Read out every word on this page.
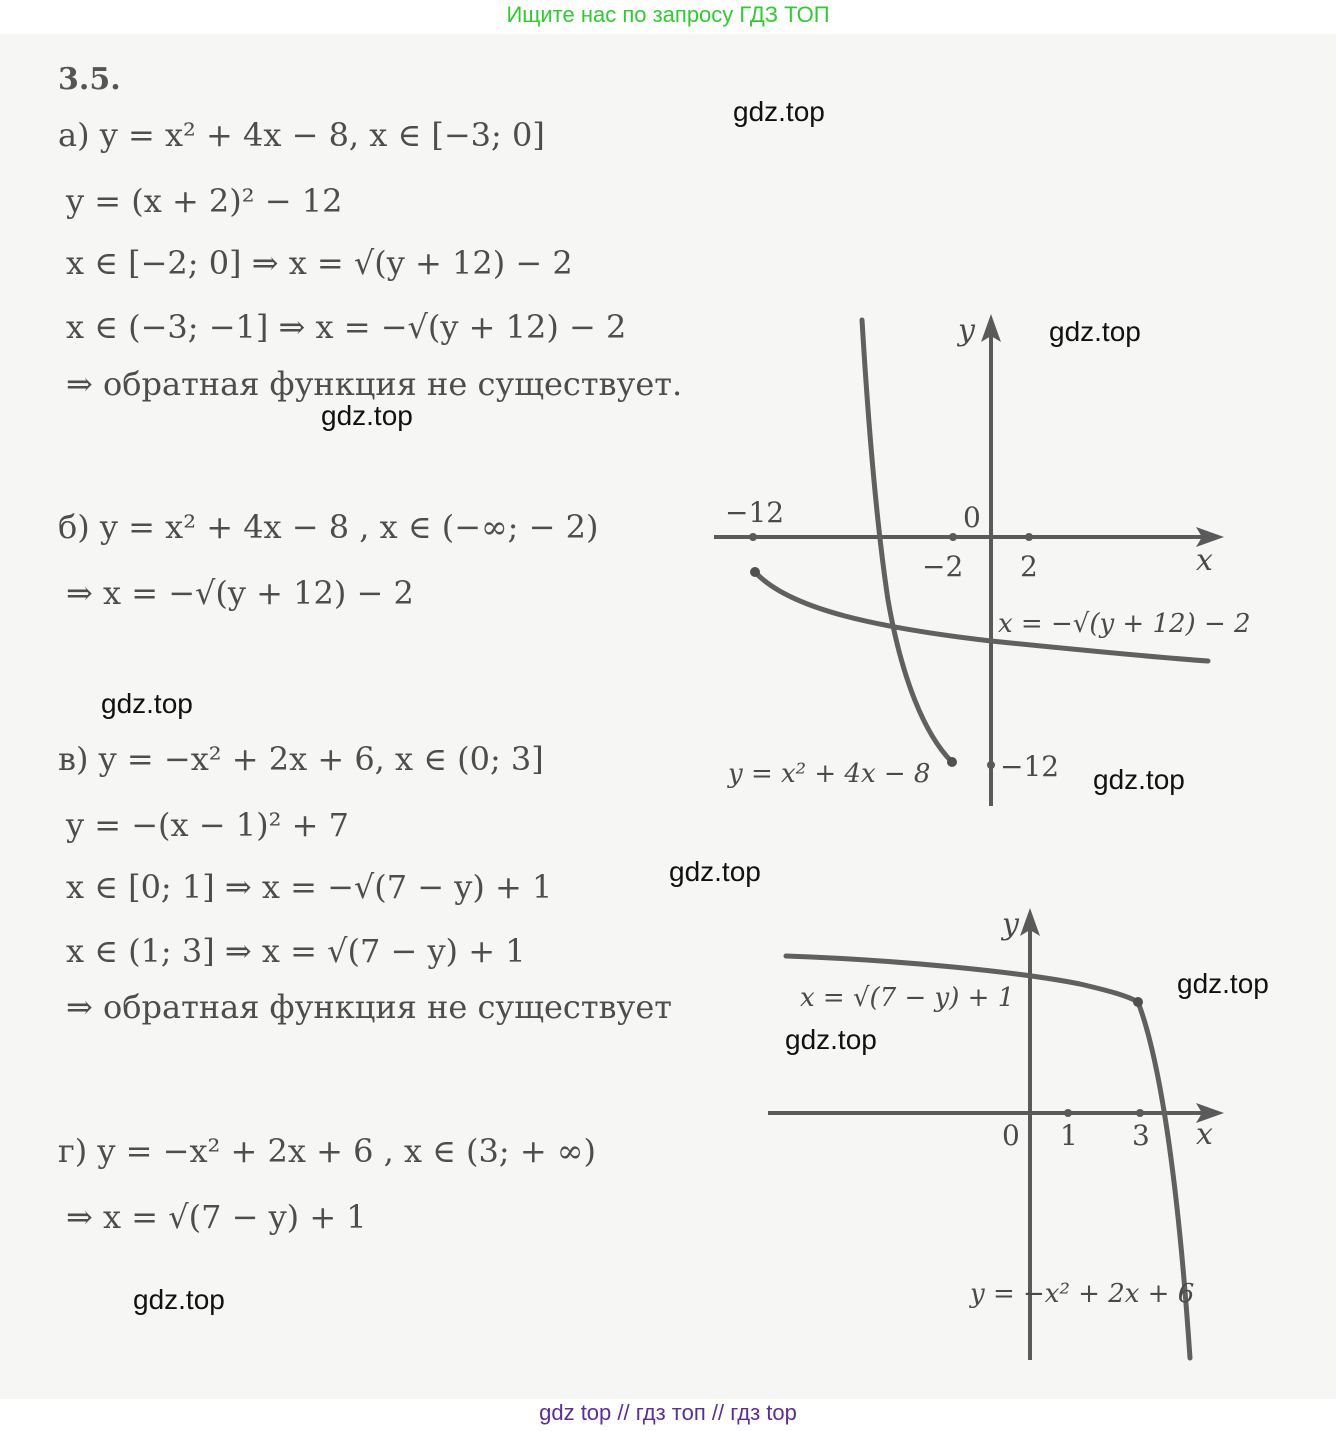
Ищите нас по запросу ГДЗ ТОП
3.5.
а) y = x² + 4x − 8, x ∈ [−3; 0]
y = (x + 2)² − 12
x ∈ [−2; 0] ⇒ x = √(y + 12) − 2
x ∈ (−3; −1] ⇒ x = −√(y + 12) − 2
⇒ обратная функция не существует.
б) y = x² + 4x − 8 , x ∈ (−∞; − 2)
⇒ x = −√(y + 12) − 2
в) y = −x² + 2x + 6, x ∈ (0; 3]
y = −(x − 1)² + 7
x ∈ [0; 1] ⇒ x = −√(7 − y) + 1
x ∈ (1; 3] ⇒ x = √(7 − y) + 1
⇒ обратная функция не существует
г) y = −x² + 2x + 6 , x ∈ (3; + ∞)
⇒ x = √(7 − y) + 1
y
x
0
−12
−2 2
−12
x = −√(y + 12) − 2
y = x² + 4x − 8
y
x
0 1 3
x = √(7 − y) + 1
y = −x² + 2x + 6
gdz.top
gdz.top
gdz.top
gdz.top
gdz.top
gdz.top
gdz.top
gdz.top
gdz.top
gdz top // гдз топ // гдз top
